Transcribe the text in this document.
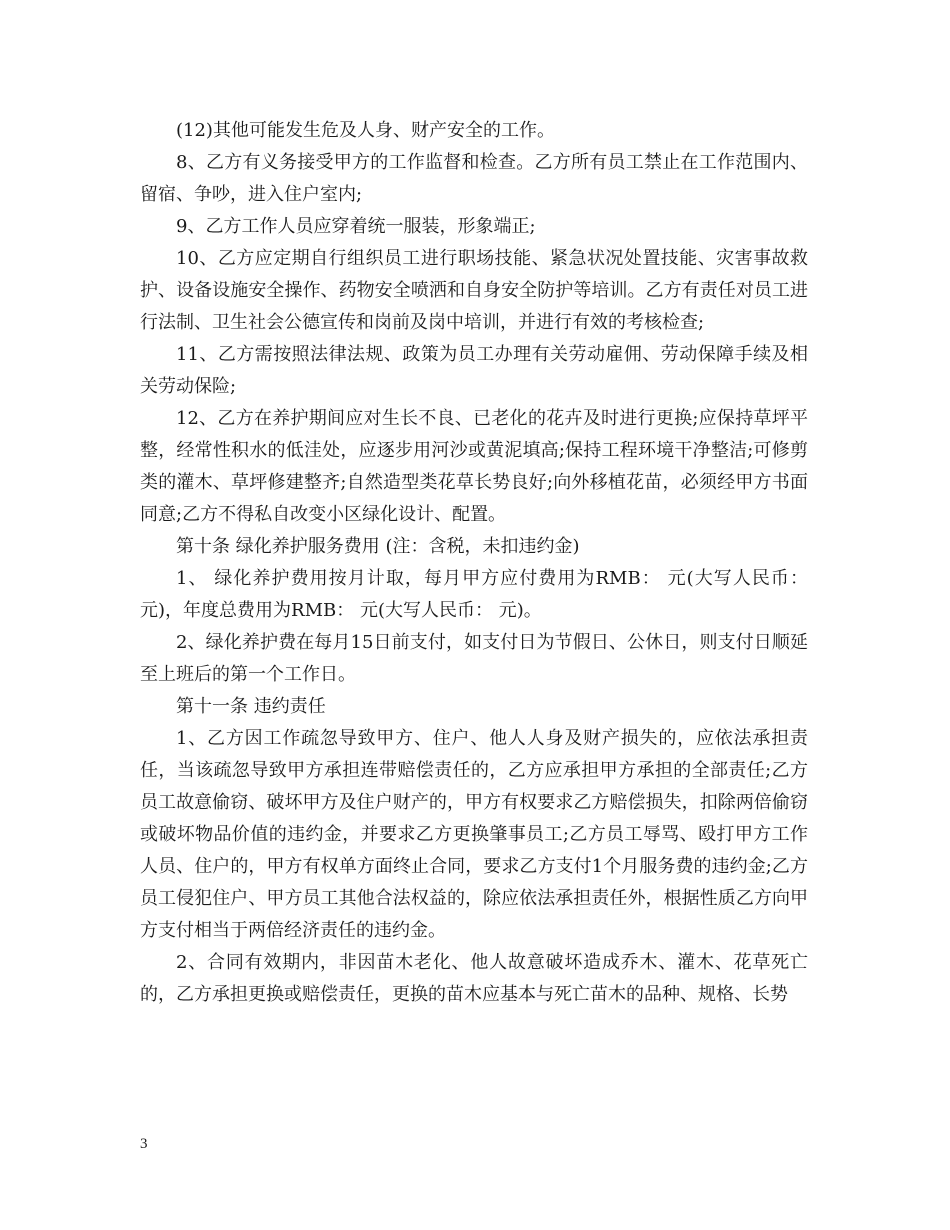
(12)其他可能发生危及人身、财产安全的工作。

8、乙方有义务接受甲方的工作监督和检查。乙方所有员工禁止在工作范围内、留宿、争吵，进入住户室内;

9、乙方工作人员应穿着统一服装，形象端正;

10、乙方应定期自行组织员工进行职场技能、紧急状况处置技能、灾害事故救护、设备设施安全操作、药物安全喷洒和自身安全防护等培训。乙方有责任对员工进行法制、卫生社会公德宣传和岗前及岗中培训，并进行有效的考核检查;

11、乙方需按照法律法规、政策为员工办理有关劳动雇佣、劳动保障手续及相关劳动保险;

12、乙方在养护期间应对生长不良、已老化的花卉及时进行更换;应保持草坪平整，经常性积水的低洼处，应逐步用河沙或黄泥填高;保持工程环境干净整洁;可修剪类的灌木、草坪修建整齐;自然造型类花草长势良好;向外移植花苗，必须经甲方书面同意;乙方不得私自改变小区绿化设计、配置。

第十条 绿化养护服务费用 (注：含税，未扣违约金)

1、 绿化养护费用按月计取，每月甲方应付费用为RMB： 元(大写人民币： 元)，年度总费用为RMB： 元(大写人民币： 元)。

2、绿化养护费在每月15日前支付，如支付日为节假日、公休日，则支付日顺延至上班后的第一个工作日。

第十一条 违约责任

1、乙方因工作疏忽导致甲方、住户、他人人身及财产损失的，应依法承担责任，当该疏忽导致甲方承担连带赔偿责任的，乙方应承担甲方承担的全部责任;乙方员工故意偷窃、破坏甲方及住户财产的，甲方有权要求乙方赔偿损失，扣除两倍偷窃或破坏物品价值的违约金，并要求乙方更换肇事员工;乙方员工辱骂、殴打甲方工作人员、住户的，甲方有权单方面终止合同，要求乙方支付1个月服务费的违约金;乙方员工侵犯住户、甲方员工其他合法权益的，除应依法承担责任外，根据性质乙方向甲方支付相当于两倍经济责任的违约金。

2、合同有效期内，非因苗木老化、他人故意破坏造成乔木、灌木、花草死亡的，乙方承担更换或赔偿责任，更换的苗木应基本与死亡苗木的品种、规格、长势

3
